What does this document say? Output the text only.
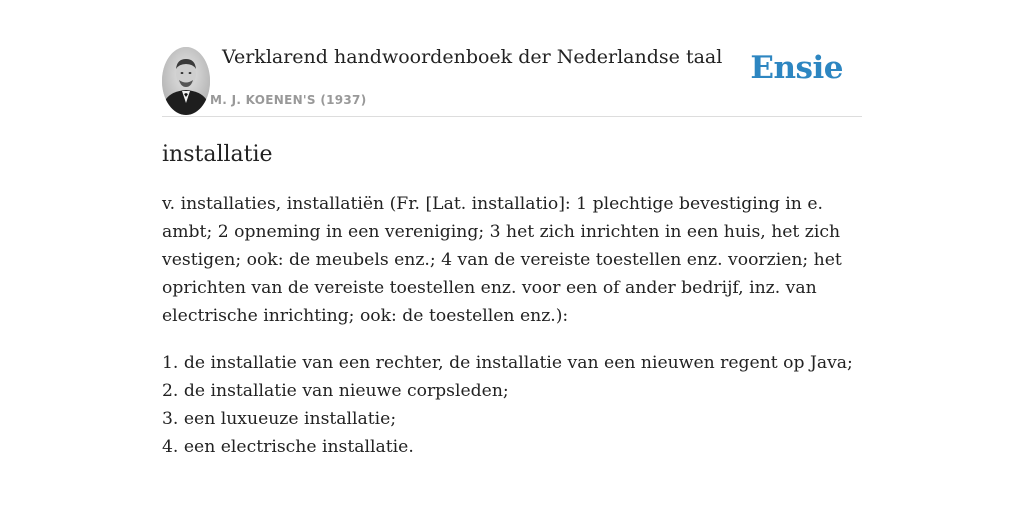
Verklarend handwoordenboek der Nederlandse taal
M. J. KOENEN'S (1937)
Ensie
installatie

v. installaties, installatiën (Fr. [Lat. installatio]: 1 plechtige bevestiging in e. ambt; 2 opneming in een vereniging; 3 het zich inrichten in een huis, het zich vestigen; ook: de meubels enz.; 4 van de vereiste toestellen enz. voorzien; het oprichten van de vereiste toestellen enz. voor een of ander bedrijf, inz. van electrische inrichting; ook: de toestellen enz.):

1. de installatie van een rechter, de installatie van een nieuwen regent op Java;
2. de installatie van nieuwe corpsleden;
3. een luxueuze installatie;
4. een electrische installatie.
